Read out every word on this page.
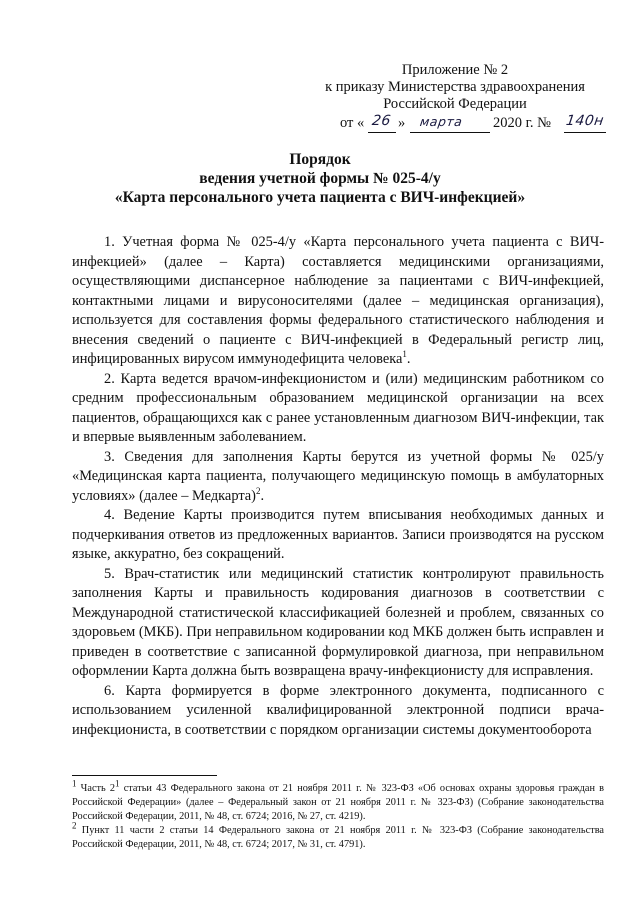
Приложение № 2
к приказу Министерства здравоохранения
Российской Федерации
от « 26 » марта 2020 г. № 140н
Порядок
ведения учетной формы № 025-4/у
«Карта персонального учета пациента с ВИЧ-инфекцией»

1. Учетная форма № 025-4/у «Карта персонального учета пациента с ВИЧ-инфекцией» (далее – Карта) составляется медицинскими организациями, осуществляющими диспансерное наблюдение за пациентами с ВИЧ-инфекцией, контактными лицами и вирусоносителями (далее – медицинская организация), используется для составления формы федерального статистического наблюдения и внесения сведений о пациенте с ВИЧ-инфекцией в Федеральный регистр лиц, инфицированных вирусом иммунодефицита человека$^1$.

2. Карта ведется врачом-инфекционистом и (или) медицинским работником со средним профессиональным образованием медицинской организации на всех пациентов, обращающихся как с ранее установленным диагнозом ВИЧ-инфекции, так и впервые выявленным заболеванием.

3. Сведения для заполнения Карты берутся из учетной формы № 025/у «Медицинская карта пациента, получающего медицинскую помощь в амбулаторных условиях» (далее – Медкарта)$^2$.

4. Ведение Карты производится путем вписывания необходимых данных и подчеркивания ответов из предложенных вариантов. Записи производятся на русском языке, аккуратно, без сокращений.

5. Врач-статистик или медицинский статистик контролируют правильность заполнения Карты и правильность кодирования диагнозов в соответствии с Международной статистической классификацией болезней и проблем, связанных со здоровьем (МКБ). При неправильном кодировании код МКБ должен быть исправлен и приведен в соответствие с записанной формулировкой диагноза, при неправильном оформлении Карта должна быть возвращена врачу-инфекционисту для исправления.

6. Карта формируется в форме электронного документа, подписанного с использованием усиленной квалифицированной электронной подписи врача-инфекциониста, в соответствии с порядком организации системы документооборота

$^1$ Часть $2^1$ статьи 43 Федерального закона от 21 ноября 2011 г. № 323-ФЗ «Об основах охраны здоровья граждан в Российской Федерации» (далее – Федеральный закон от 21 ноября 2011 г. № 323-ФЗ) (Собрание законодательства Российской Федерации, 2011, № 48, ст. 6724; 2016, № 27, ст. 4219).

$^2$ Пункт 11 части 2 статьи 14 Федерального закона от 21 ноября 2011 г. № 323-ФЗ (Собрание законодательства Российской Федерации, 2011, № 48, ст. 6724; 2017, № 31, ст. 4791).
